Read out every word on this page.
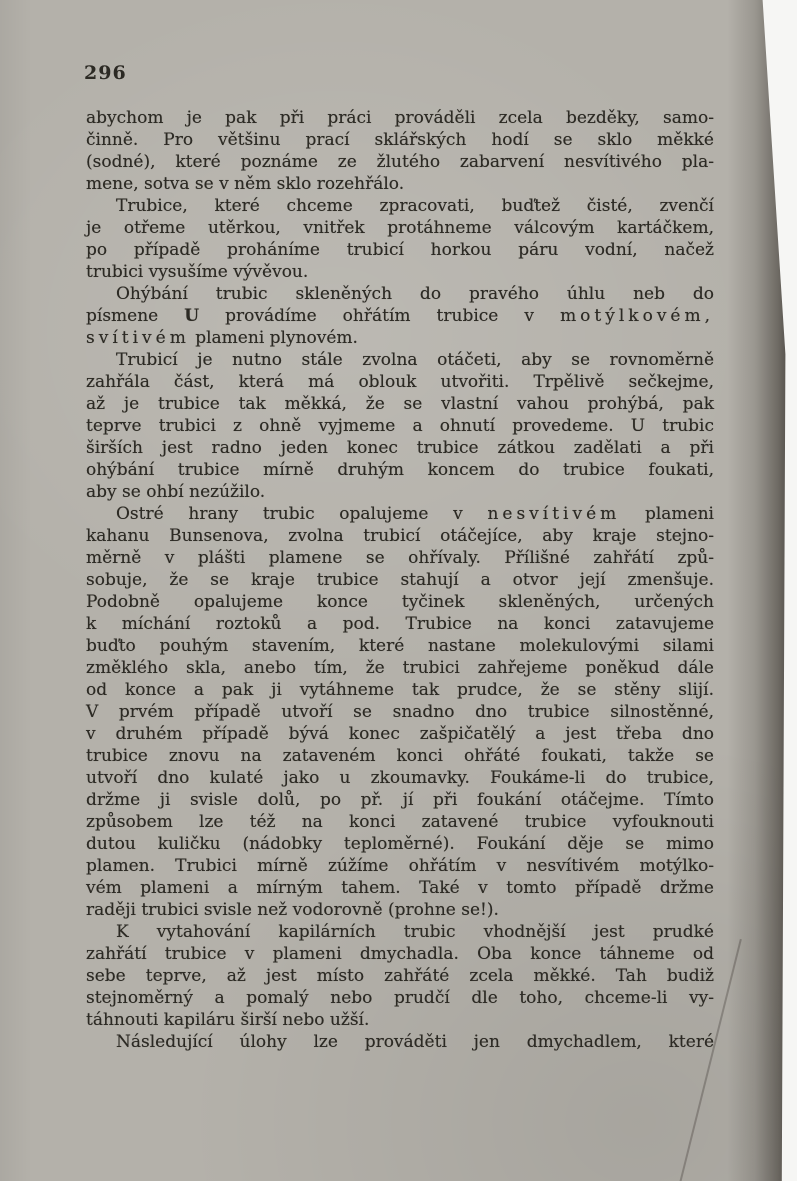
296
abychom je pak při práci prováděli zcela bezděky, samo-
činně. Pro většinu prací sklářských hodí se sklo měkké
(sodné), které poznáme ze žlutého zabarvení nesvítivého pla-
mene, sotva se v něm sklo rozehřálo.
Trubice, které chceme zpracovati, buďtež čisté, zvenčí
je otřeme utěrkou, vnitřek protáhneme válcovým kartáčkem,
po případě proháníme trubicí horkou páru vodní, načež
trubici vysušíme vývěvou.
Ohýbání trubic skleněných do pravého úhlu neb do
písmene U provádíme ohřátím trubice v motýlkovém,
svítivém plameni plynovém.
Trubicí je nutno stále zvolna otáčeti, aby se rovnoměrně
zahřála část, která má oblouk utvořiti. Trpělivě sečkejme,
až je trubice tak měkká, že se vlastní vahou prohýbá, pak
teprve trubici z ohně vyjmeme a ohnutí provedeme. U trubic
širších jest radno jeden konec trubice zátkou zadělati a při
ohýbání trubice mírně druhým koncem do trubice foukati,
aby se ohbí nezúžilo.
Ostré hrany trubic opalujeme v nesvítivém plameni
kahanu Bunsenova, zvolna trubicí otáčejíce, aby kraje stejno-
měrně v plášti plamene se ohřívaly. Přílišné zahřátí způ-
sobuje, že se kraje trubice stahují a otvor její zmenšuje.
Podobně opalujeme konce tyčinek skleněných, určených
k míchání roztoků a pod. Trubice na konci zatavujeme
buďto pouhým stavením, které nastane molekulovými silami
změklého skla, anebo tím, že trubici zahřejeme poněkud dále
od konce a pak ji vytáhneme tak prudce, že se stěny slijí.
V prvém případě utvoří se snadno dno trubice silnostěnné,
v druhém případě bývá konec zašpičatělý a jest třeba dno
trubice znovu na zataveném konci ohřáté foukati, takže se
utvoří dno kulaté jako u zkoumavky. Foukáme-li do trubice,
držme ji svisle dolů, po př. jí při foukání otáčejme. Tímto
způsobem lze též na konci zatavené trubice vyfouknouti
dutou kuličku (nádobky teploměrné). Foukání děje se mimo
plamen. Trubici mírně zúžíme ohřátím v nesvítivém motýlko-
vém plameni a mírným tahem. Také v tomto případě držme
raději trubici svisle než vodorovně (prohne se!).
K vytahování kapilárních trubic vhodnější jest prudké
zahřátí trubice v plameni dmychadla. Oba konce táhneme od
sebe teprve, až jest místo zahřáté zcela měkké. Tah budiž
stejnoměrný a pomalý nebo prudčí dle toho, chceme-li vy-
táhnouti kapiláru širší nebo užší.
Následující úlohy lze prováděti jen dmychadlem, které
